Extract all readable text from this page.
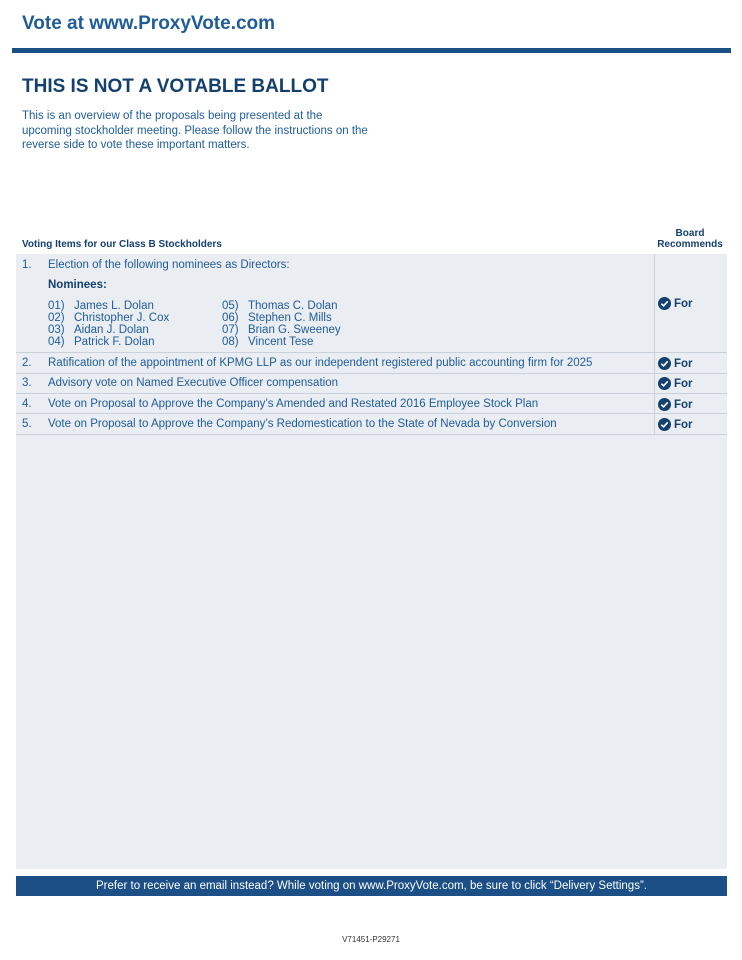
Vote at www.ProxyVote.com
THIS IS NOT A VOTABLE BALLOT
This is an overview of the proposals being presented at the upcoming stockholder meeting. Please follow the instructions on the reverse side to vote these important matters.
Voting Items for our Class B Stockholders
Board
Recommends
1. Election of the following nominees as Directors:
Nominees:
01) James L. Dolan
02) Christopher J. Cox
03) Aidan J. Dolan
04) Patrick F. Dolan
05) Thomas C. Dolan
06) Stephen C. Mills
07) Brian G. Sweeney
08) Vincent Tese
For
2. Ratification of the appointment of KPMG LLP as our independent registered public accounting firm for 2025	For
3. Advisory vote on Named Executive Officer compensation	For
4. Vote on Proposal to Approve the Company’s Amended and Restated 2016 Employee Stock Plan	For
5. Vote on Proposal to Approve the Company’s Redomestication to the State of Nevada by Conversion	For
Prefer to receive an email instead? While voting on www.ProxyVote.com, be sure to click “Delivery Settings”.
V71451-P29271
